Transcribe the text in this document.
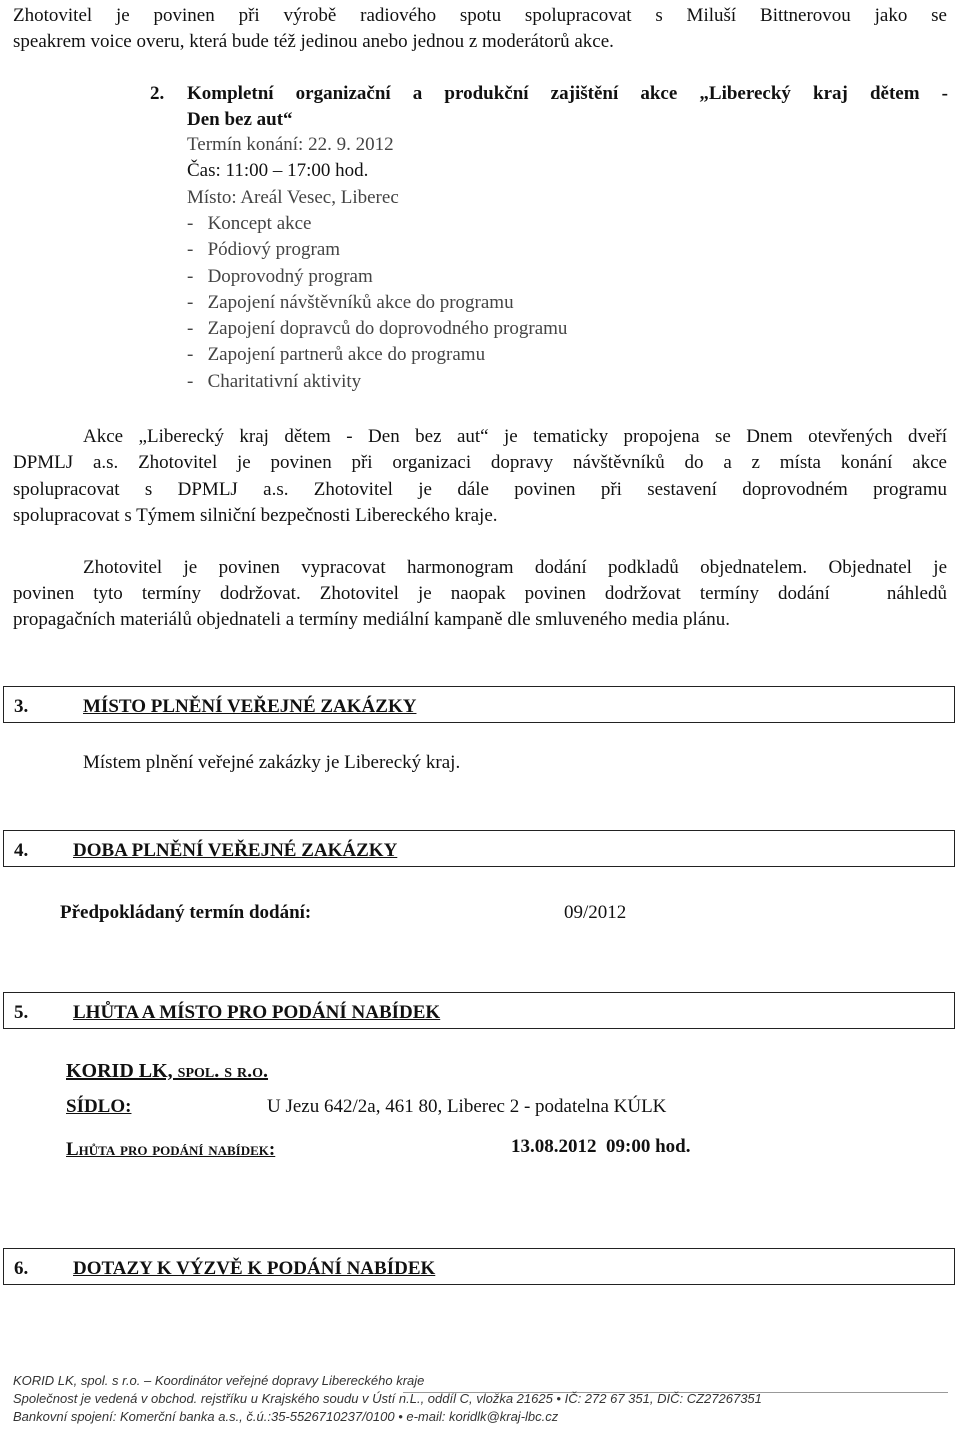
Zhotovitel je povinen při výrobě radiového spotu spolupracovat s Miluší Bittnerovou jako se
speakrem voice overu, která bude též jedinou anebo jednou z moderátorů akce.
2. Kompletní organizační a produkční zajištění akce „Liberecký kraj dětem -
Den bez aut“
Termín konání: 22. 9. 2012
Čas: 11:00 – 17:00 hod.
Místo: Areál Vesec, Liberec
-   Koncept akce
-   Pódiový program
-   Doprovodný program
-   Zapojení návštěvníků akce do programu
-   Zapojení dopravců do doprovodného programu
-   Zapojení partnerů akce do programu
-   Charitativní aktivity
Akce „Liberecký kraj dětem - Den bez aut“ je tematicky propojena se Dnem otevřených dveří
DPMLJ a.s. Zhotovitel je povinen při organizaci dopravy návštěvníků do a z místa konání akce
spolupracovat s DPMLJ a.s. Zhotovitel je dále povinen při sestavení doprovodném programu
spolupracovat s Týmem silniční bezpečnosti Libereckého kraje.
Zhotovitel je povinen vypracovat harmonogram dodání podkladů objednatelem. Objednatel je
povinen tyto termíny dodržovat. Zhotovitel je naopak povinen dodržovat termíny dodání   náhledů
propagačních materiálů objednateli a termíny mediální kampaně dle smluveného media plánu.
3.	MÍSTO PLNĚNÍ VEŘEJNÉ ZAKÁZKY
Místem plnění veřejné zakázky je Liberecký kraj.
4. DOBA PLNĚNÍ VEŘEJNÉ ZAKÁZKY
Předpokládaný termín dodání:	09/2012
5. LHŮTA A MÍSTO PRO PODÁNÍ NABÍDEK
KORID LK, spol. s r.o.
SÍDLO:	U Jezu 642/2a, 461 80, Liberec 2 - podatelna KÚLK
Lhůta pro podání nabídek:	13.08.2012  09:00 hod.
6. DOTAZY K VÝZVĚ K PODÁNÍ NABÍDEK
KORID LK, spol. s r.o. – Koordinátor veřejné dopravy Libereckého kraje
Společnost je vedená v obchod. rejstříku u Krajského soudu v Ústí n.L., oddíl C, vložka 21625 • IČ: 272 67 351, DIČ: CZ27267351
Bankovní spojení: Komerční banka a.s., č.ú.:35-5526710237/0100 • e-mail: koridlk@kraj-lbc.cz
